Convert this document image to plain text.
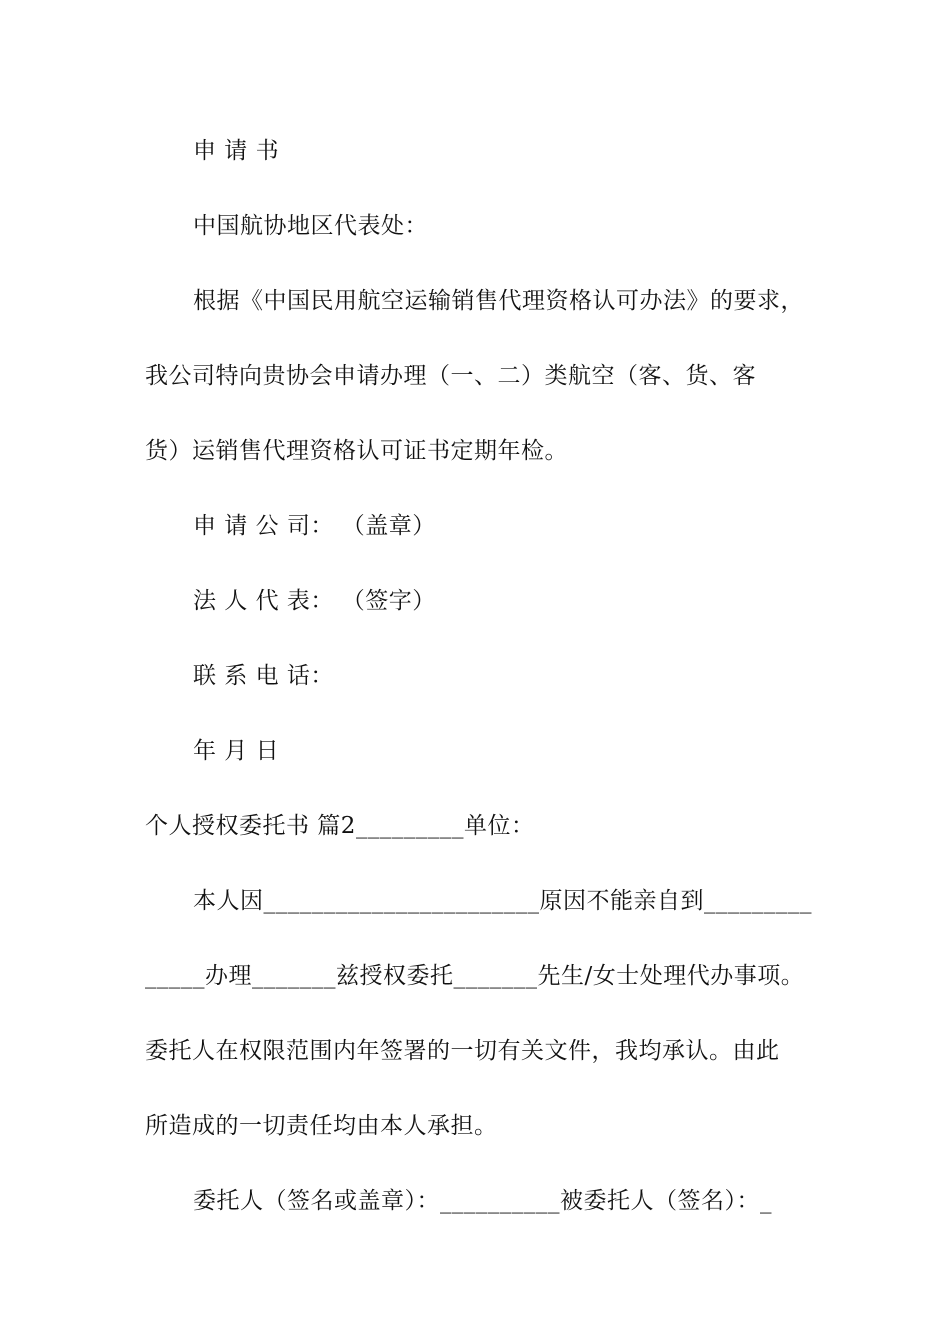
申 请 书
中国航协地区代表处：
根据《中国民用航空运输销售代理资格认可办法》的要求，
我公司特向贵协会申请办理（一、二）类航空（客、货、客
货）运销售代理资格认可证书定期年检。
申 请 公 司： （盖章）
法 人 代 表： （签字）
联 系 电 话：
年 月 日
个人授权委托书 篇2_________单位：
本人因_______________________原因不能亲自到_________
_____办理_______兹授权委托_______先生/女士处理代办事项。
委托人在权限范围内年签署的一切有关文件，我均承认。由此
所造成的一切责任均由本人承担。
委托人（签名或盖章）：__________被委托人（签名）：_
